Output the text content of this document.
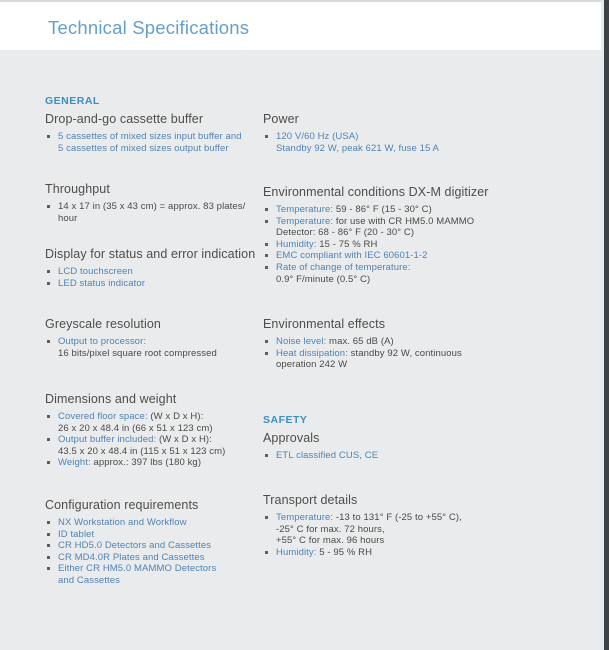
Technical Specifications
GENERAL
Drop-and-go cassette buffer
5 cassettes of mixed sizes input buffer and
5 cassettes of mixed sizes output buffer
Throughput
14 x 17 in (35 x 43 cm) = approx. 83 plates/
hour
Display for status and error indication
LCD touchscreen
LED status indicator
Greyscale resolution
Output to processor:
16 bits/pixel square root compressed
Dimensions and weight
Covered floor space: (W x D x H):
26 x 20 x 48.4 in (66 x 51 x 123 cm)
Output buffer included: (W x D x H):
43.5 x 20 x 48.4 in (115 x 51 x 123 cm)
Weight: approx.: 397 lbs (180 kg)
Configuration requirements
NX Workstation and Workflow
ID tablet
CR HD5.0 Detectors and Cassettes
CR MD4.0R Plates and Cassettes
Either CR HM5.0 MAMMO Detectors
and Cassettes
Power
120 V/60 Hz (USA)
Standby 92 W, peak 621 W, fuse 15 A
Environmental conditions DX-M digitizer
Temperature: 59 - 86° F (15 - 30° C)
Temperature: for use with CR HM5.0 MAMMO
Detector: 68 - 86° F (20 - 30° C)
Humidity: 15 - 75 % RH
EMC compliant with IEC 60601-1-2
Rate of change of temperature:
0.9° F/minute (0.5° C)
Environmental effects
Noise level: max. 65 dB (A)
Heat dissipation: standby 92 W, continuous
operation 242 W
SAFETY
Approvals
ETL classified CUS, CE
Transport details
Temperature: -13 to 131° F (-25 to +55° C),
-25° C for max. 72 hours,
+55° C for max. 96 hours
Humidity: 5 - 95 % RH
